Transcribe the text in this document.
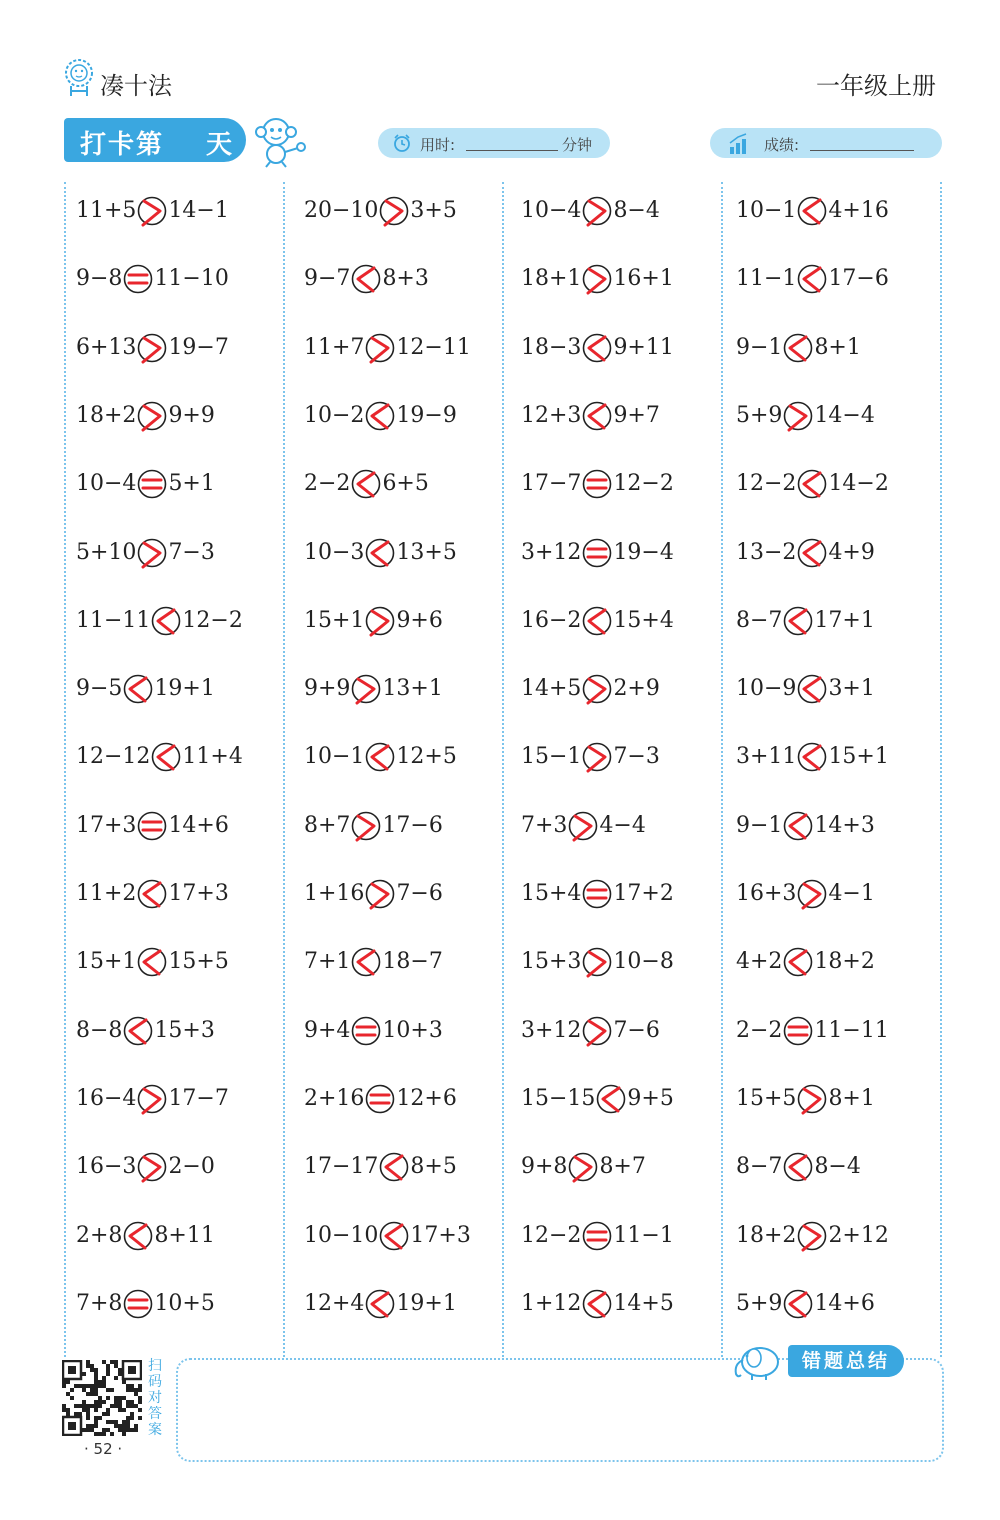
凑十法	一年级上册
打卡第 天	用时:	分钟	成绩:
11+5 14−1
9−8 11−10
6+13 19−7
18+2 9+9
10−4 5+1
5+10 7−3
11−11 12−2
9−5 19+1
12−12 11+4
17+3 14+6
11+2 17+3
15+1 15+5
8−8 15+3
16−4 17−7
16−3 2−0
2+8 8+11
7+8 10+5
20−10 3+5
9−7 8+3
11+7 12−11
10−2 19−9
2−2 6+5
10−3 13+5
15+1 9+6
9+9 13+1
10−1 12+5
8+7 17−6
1+16 7−6
7+1 18−7
9+4 10+3
2+16 12+6
17−17 8+5
10−10 17+3
12+4 19+1
10−4 8−4
18+1 16+1
18−3 9+11
12+3 9+7
17−7 12−2
3+12 19−4
16−2 15+4
14+5 2+9
15−1 7−3
7+3 4−4
15+4 17+2
15+3 10−8
3+12 7−6
15−15 9+5
9+8 8+7
12−2 11−1
1+12 14+5
10−1 4+16
11−1 17−6
9−1 8+1
5+9 14−4
12−2 14−2
13−2 4+9
8−7 17+1
10−9 3+1
3+11 15+1
9−1 14+3
16+3 4−1
4+2 18+2
2−2 11−11
15+5 8+1
8−7 8−4
18+2 2+12
5+9 14+6
扫码对答案
· 52 ·
错题总结
